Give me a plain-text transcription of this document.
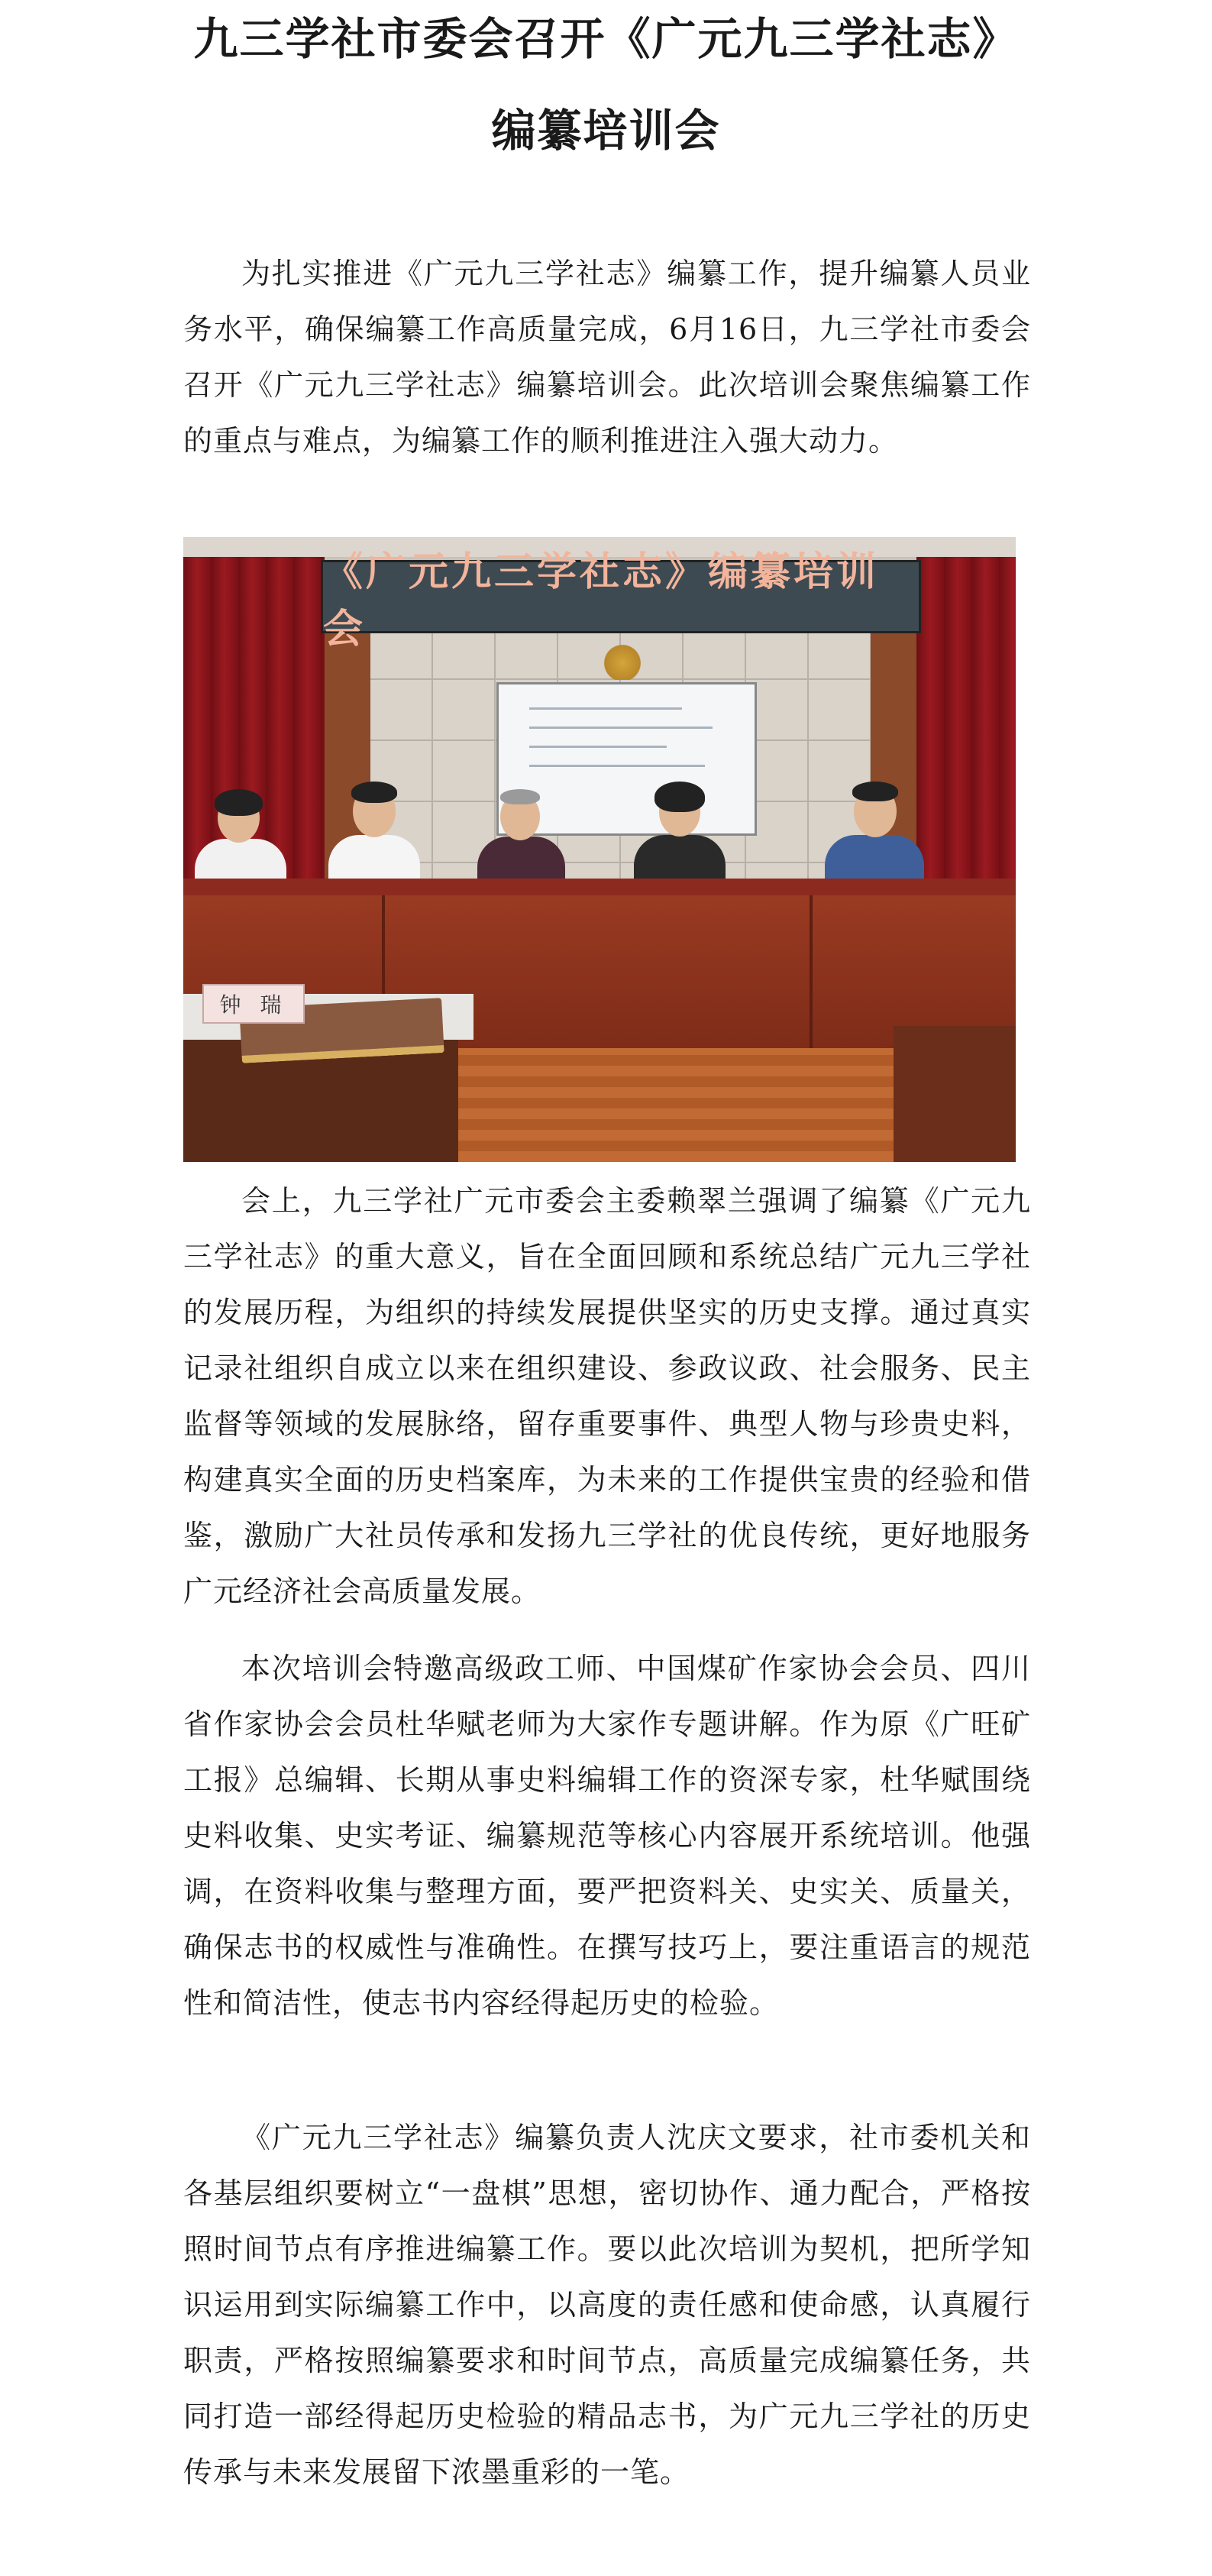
九三学社市委会召开《广元九三学社志》
编纂培训会

为扎实推进《广元九三学社志》编纂工作，提升编纂人员业务水平，确保编纂工作高质量完成，6月16日，九三学社市委会召开《广元九三学社志》编纂培训会。此次培训会聚焦编纂工作的重点与难点，为编纂工作的顺利推进注入强大动力。

《广元九三学社志》编纂培训会
钟 瑞

会上，九三学社广元市委会主委赖翠兰强调了编纂《广元九三学社志》的重大意义，旨在全面回顾和系统总结广元九三学社的发展历程，为组织的持续发展提供坚实的历史支撑。通过真实记录社组织自成立以来在组织建设、参政议政、社会服务、民主监督等领域的发展脉络，留存重要事件、典型人物与珍贵史料，构建真实全面的历史档案库，为未来的工作提供宝贵的经验和借鉴，激励广大社员传承和发扬九三学社的优良传统，更好地服务广元经济社会高质量发展。

本次培训会特邀高级政工师、中国煤矿作家协会会员、四川省作家协会会员杜华赋老师为大家作专题讲解。作为原《广旺矿工报》总编辑、长期从事史料编辑工作的资深专家，杜华赋围绕史料收集、史实考证、编纂规范等核心内容展开系统培训。他强调，在资料收集与整理方面，要严把资料关、史实关、质量关，确保志书的权威性与准确性。在撰写技巧上，要注重语言的规范性和简洁性，使志书内容经得起历史的检验。

《广元九三学社志》编纂负责人沈庆文要求，社市委机关和各基层组织要树立“一盘棋”思想，密切协作、通力配合，严格按照时间节点有序推进编纂工作。要以此次培训为契机，把所学知识运用到实际编纂工作中，以高度的责任感和使命感，认真履行职责，严格按照编纂要求和时间节点，高质量完成编纂任务，共同打造一部经得起历史检验的精品志书，为广元九三学社的历史传承与未来发展留下浓墨重彩的一笔。
